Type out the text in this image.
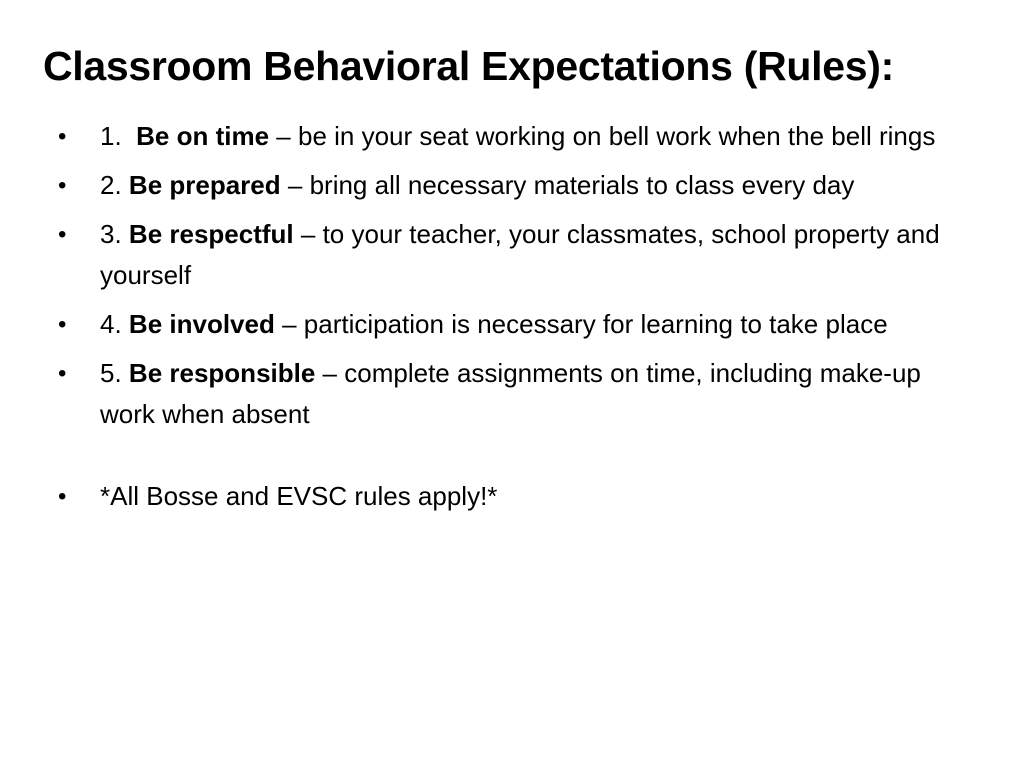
Classroom Behavioral Expectations (Rules):
•	1. Be on time – be in your seat working on bell work when the bell rings
•	2. Be prepared – bring all necessary materials to class every day
•	3. Be respectful – to your teacher, your classmates, school property and yourself
•	4. Be involved – participation is necessary for learning to take place
•	5. Be responsible – complete assignments on time, including make-up work when absent
•	*All Bosse and EVSC rules apply!*
